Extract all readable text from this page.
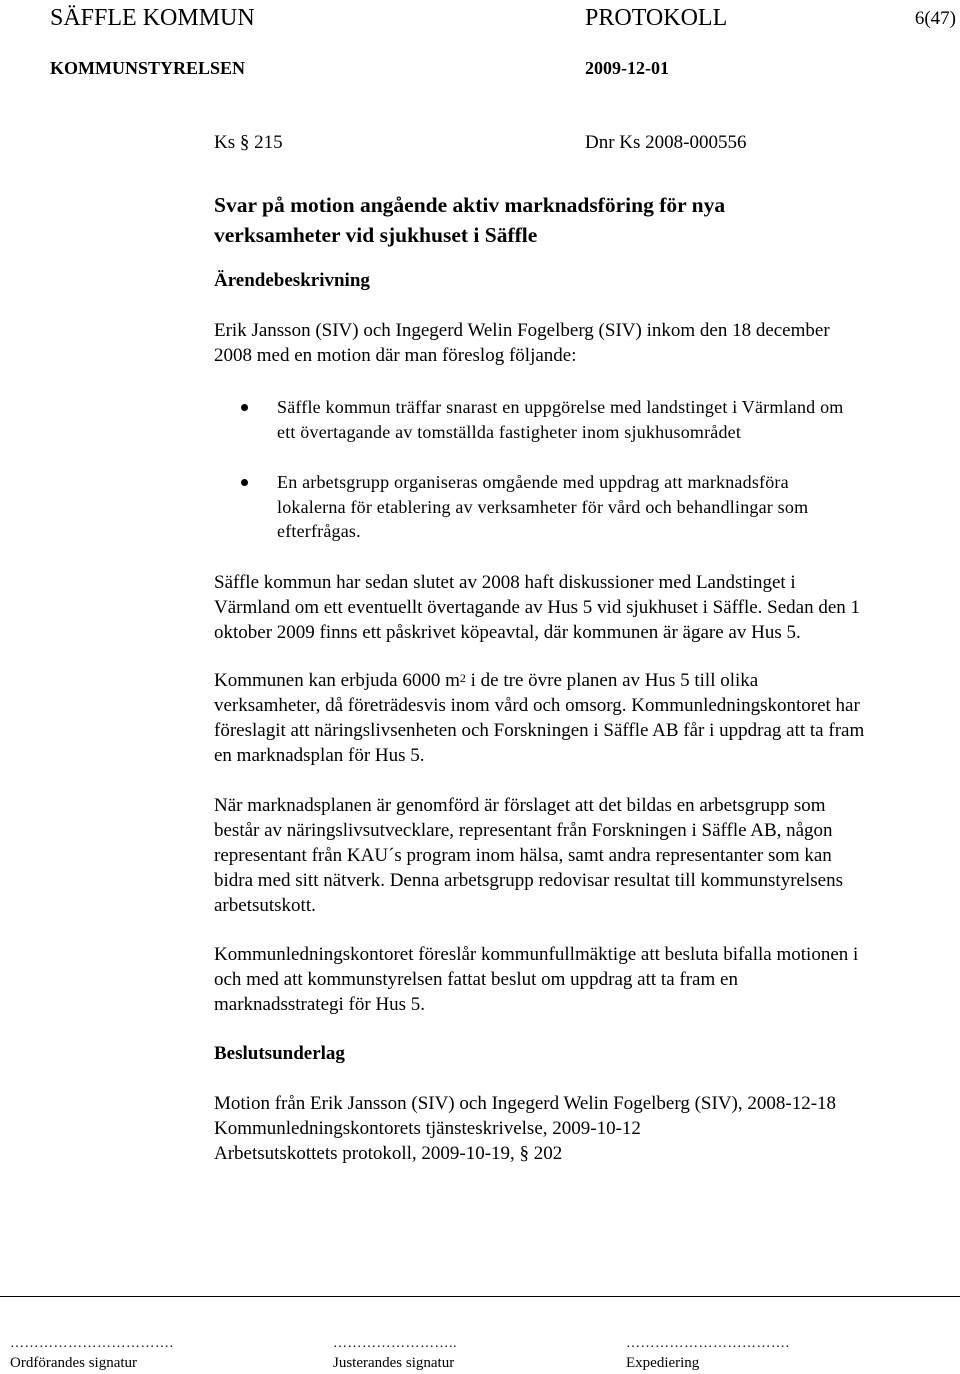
SÄFFLE KOMMUN	PROTOKOLL	6(47)
KOMMUNSTYRELSEN	2009-12-01
Ks § 215	Dnr Ks 2008-000556
Svar på motion angående aktiv marknadsföring för nya
verksamheter vid sjukhuset i Säffle
Ärendebeskrivning
Erik Jansson (SIV) och Ingegerd Welin Fogelberg (SIV) inkom den 18 december
2008 med en motion där man föreslog följande:
Säffle kommun träffar snarast en uppgörelse med landstinget i Värmland om
ett övertagande av tomställda fastigheter inom sjukhusområdet
En arbetsgrupp organiseras omgående med uppdrag att marknadsföra
lokalerna för etablering av verksamheter för vård och behandlingar som
efterfrågas.
Säffle kommun har sedan slutet av 2008 haft diskussioner med Landstinget i
Värmland om ett eventuellt övertagande av Hus 5 vid sjukhuset i Säffle. Sedan den 1
oktober 2009 finns ett påskrivet köpeavtal, där kommunen är ägare av Hus 5.
Kommunen kan erbjuda 6000 $m^2$ i de tre övre planen av Hus 5 till olika
verksamheter, då företrädesvis inom vård och omsorg. Kommunledningskontoret har
föreslagit att näringslivsenheten och Forskningen i Säffle AB får i uppdrag att ta fram
en marknadsplan för Hus 5.
När marknadsplanen är genomförd är förslaget att det bildas en arbetsgrupp som
består av näringslivsutvecklare, representant från Forskningen i Säffle AB, någon
representant från KAU´s program inom hälsa, samt andra representanter som kan
bidra med sitt nätverk. Denna arbetsgrupp redovisar resultat till kommunstyrelsens
arbetsutskott.
Kommunledningskontoret föreslår kommunfullmäktige att besluta bifalla motionen i
och med att kommunstyrelsen fattat beslut om uppdrag att ta fram en
marknadsstrategi för Hus 5.
Beslutsunderlag
Motion från Erik Jansson (SIV) och Ingegerd Welin Fogelberg (SIV), 2008-12-18
Kommunledningskontorets tjänsteskrivelse, 2009-10-12
Arbetsutskottets protokoll, 2009-10-19, § 202
…………………………….	……………………..	…………………………….
Ordförandes signatur	Justerandes signatur	Expediering
